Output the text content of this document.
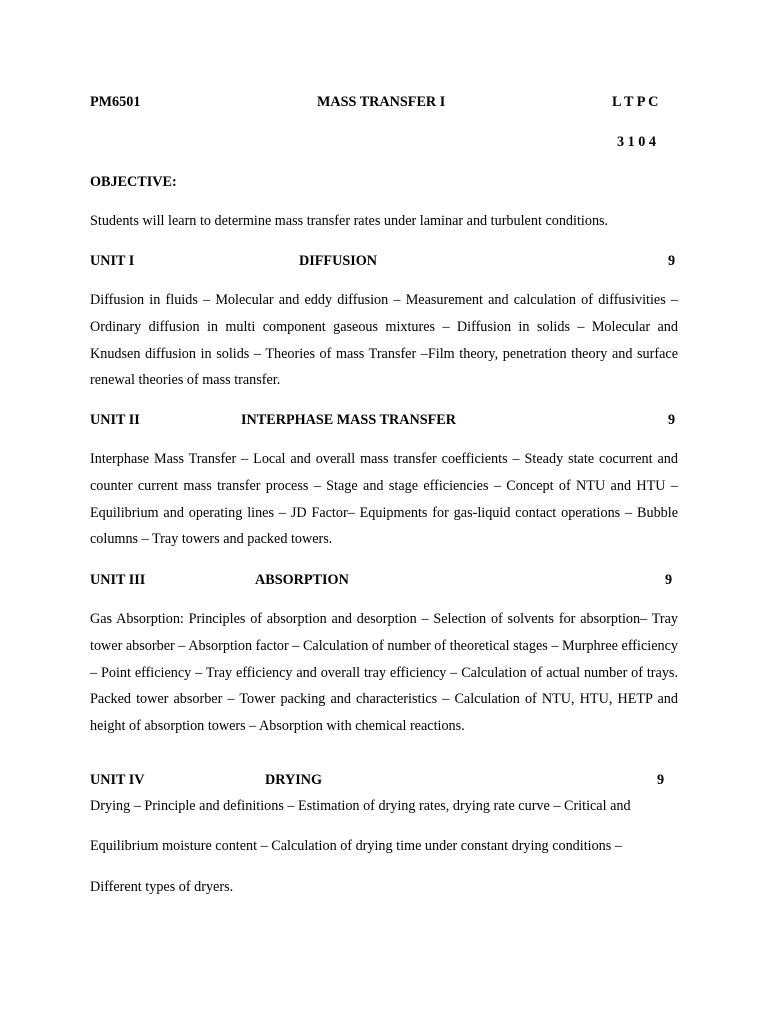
PM6501	MASS TRANSFER I	L T P C
3 1 0 4
OBJECTIVE:
Students will learn to determine mass transfer rates under laminar and turbulent conditions.
UNIT I	DIFFUSION	9
Diffusion in fluids – Molecular and eddy diffusion – Measurement and calculation of diffusivities – Ordinary diffusion in multi component gaseous mixtures – Diffusion in solids – Molecular and Knudsen diffusion in solids – Theories of mass Transfer –Film theory, penetration theory and surface renewal theories of mass transfer.
UNIT II	INTERPHASE MASS TRANSFER	9
Interphase Mass Transfer – Local and overall mass transfer coefficients – Steady state cocurrent and counter current mass transfer process – Stage and stage efficiencies – Concept of NTU and HTU – Equilibrium and operating lines – JD Factor– Equipments for gas-liquid contact operations – Bubble columns – Tray towers and packed towers.
UNIT III	ABSORPTION	9
Gas Absorption: Principles of absorption and desorption – Selection of solvents for absorption– Tray tower absorber – Absorption factor – Calculation of number of theoretical stages – Murphree efficiency – Point efficiency – Tray efficiency and overall tray efficiency – Calculation of actual number of trays. Packed tower absorber – Tower packing and characteristics – Calculation of NTU, HTU, HETP and height of absorption towers – Absorption with chemical reactions.
UNIT IV	DRYING	9
Drying – Principle and definitions – Estimation of drying rates, drying rate curve – Critical and
Equilibrium moisture content – Calculation of drying time under constant drying conditions –
Different types of dryers.
